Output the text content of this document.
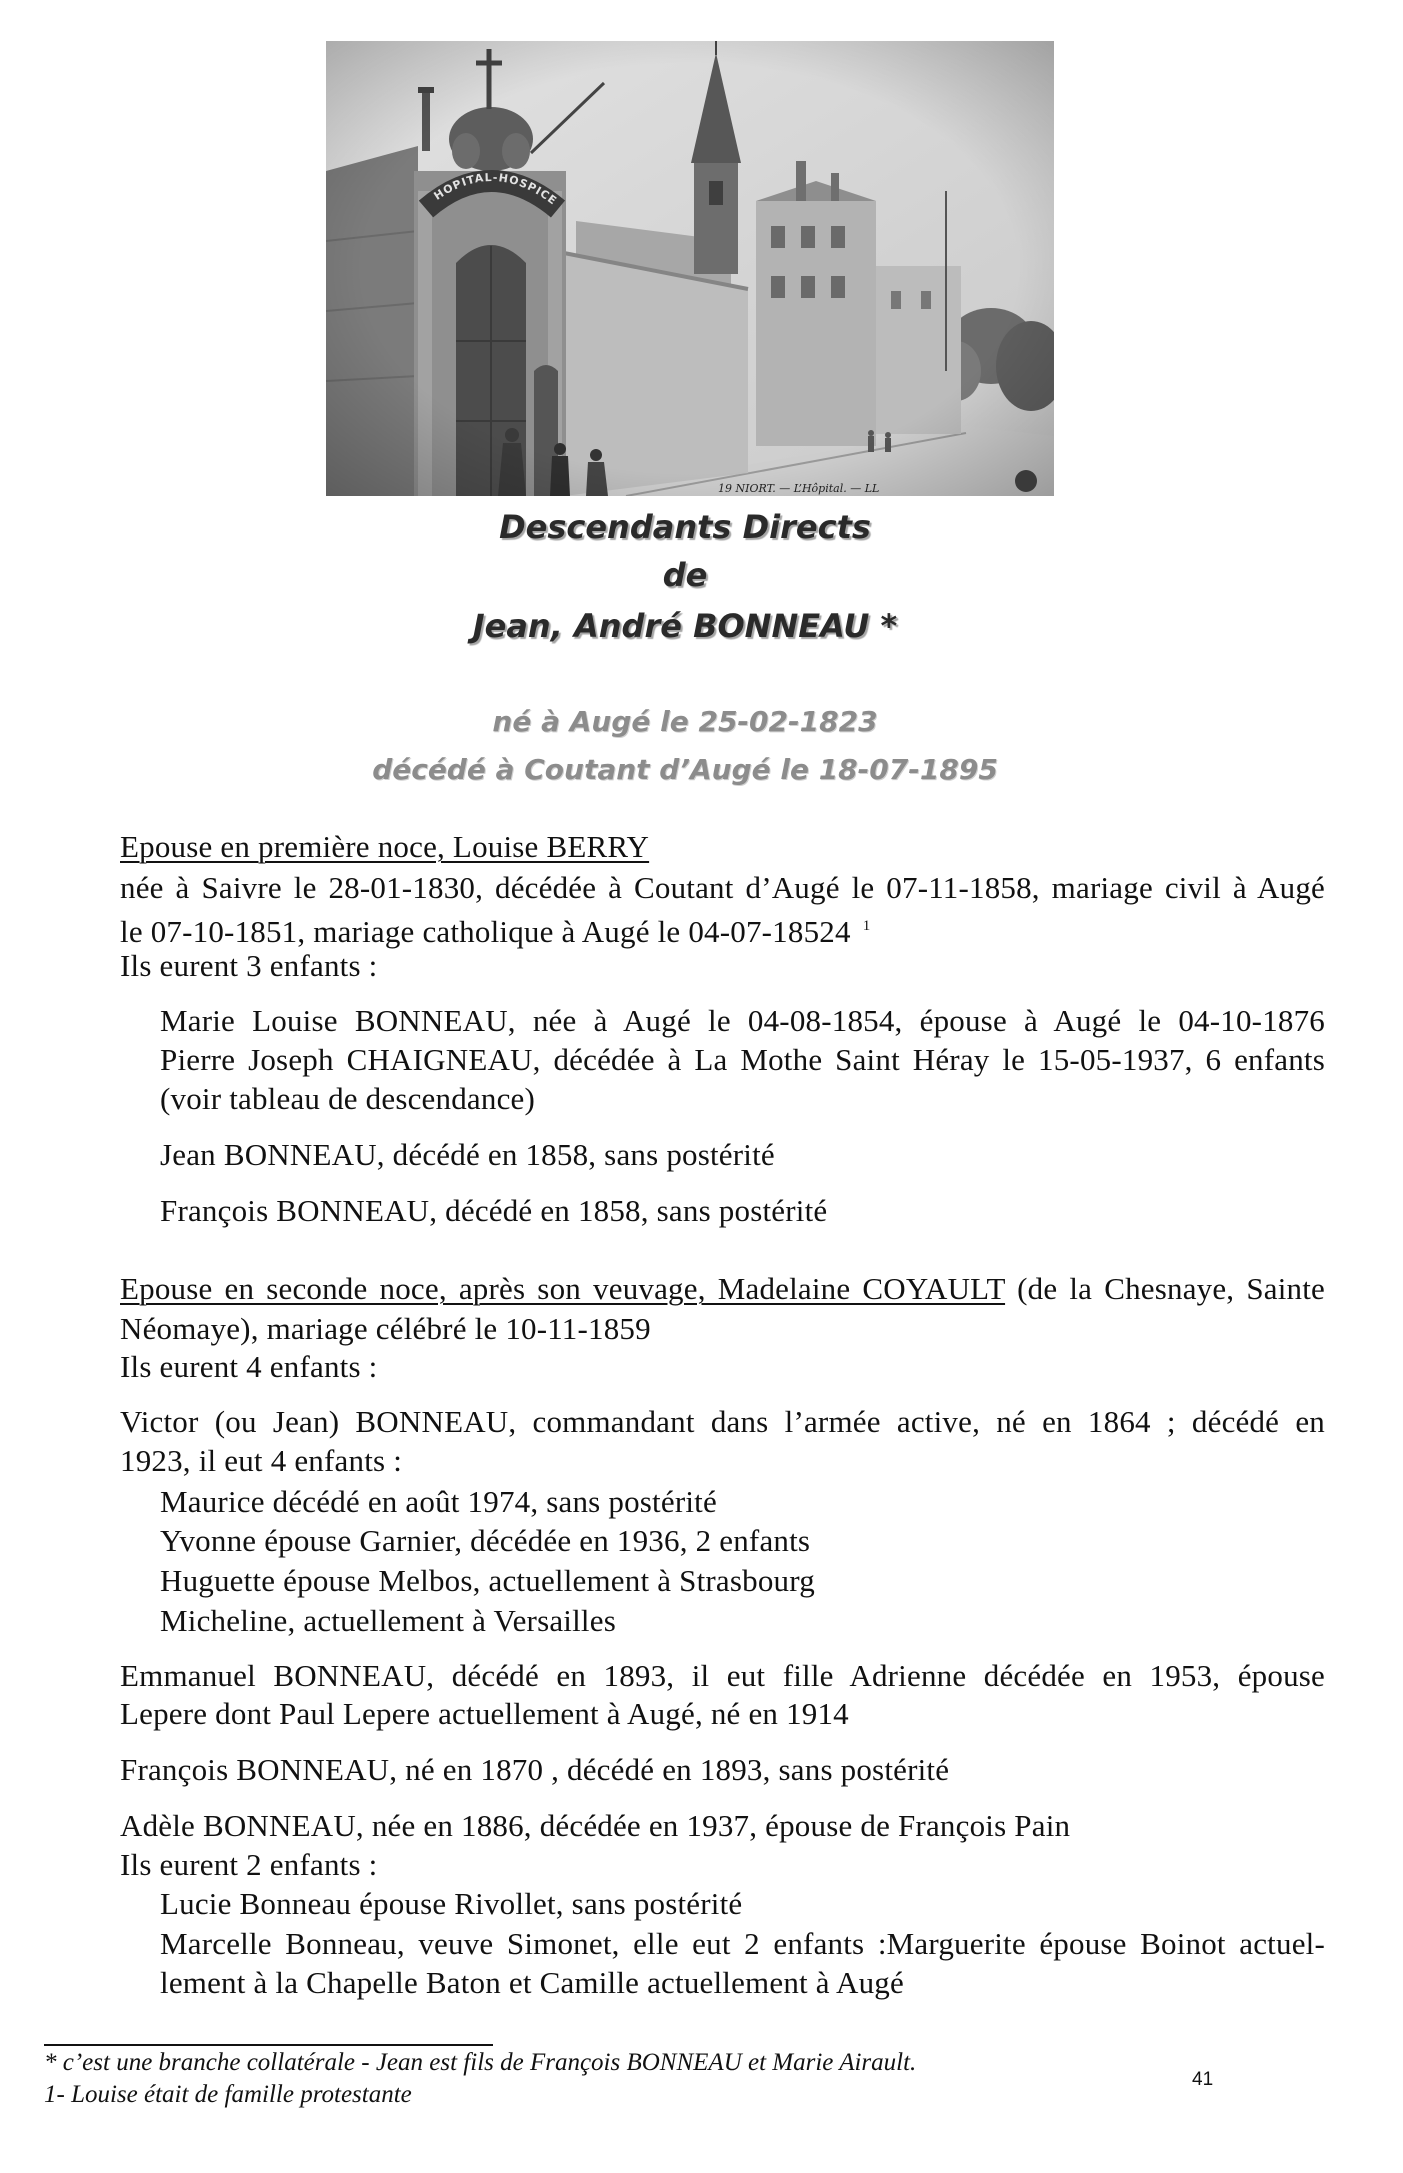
19 NIORT. — L’Hôpital. — LL
Descendants Directs
de
Jean, André BONNEAU *
né à Augé le 25-02-1823
décédé à Coutant d’Augé le 18-07-1895
Epouse en première noce, Louise BERRY
née à Saivre le 28-01-1830, décédée à Coutant d’Augé le 07-11-1858, mariage civil à Augé
le 07-10-1851, mariage catholique à Augé le 04-07-18524 $^1$
Ils eurent 3 enfants :
Marie Louise BONNEAU, née à Augé le 04-08-1854, épouse à Augé le 04-10-1876
Pierre Joseph CHAIGNEAU, décédée à La Mothe Saint Héray le 15-05-1937, 6 enfants
(voir tableau de descendance)
Jean BONNEAU, décédé en 1858, sans postérité
François BONNEAU, décédé en 1858, sans postérité
Epouse en seconde noce, après son veuvage, Madelaine COYAULT (de la Chesnaye, Sainte
Néomaye), mariage célébré le 10-11-1859
Ils eurent 4 enfants :
Victor (ou Jean) BONNEAU, commandant dans l’armée active, né en 1864 ; décédé en
1923, il eut 4 enfants :
Maurice décédé en août 1974, sans postérité
Yvonne épouse Garnier, décédée en 1936, 2 enfants
Huguette épouse Melbos, actuellement à Strasbourg
Micheline, actuellement à Versailles
Emmanuel BONNEAU, décédé en 1893, il eut fille Adrienne décédée en 1953, épouse
Lepere dont Paul Lepere actuellement à Augé, né en 1914
François BONNEAU, né en 1870 , décédé en 1893, sans postérité
Adèle BONNEAU, née en 1886, décédée en 1937, épouse de François Pain
Ils eurent 2 enfants :
Lucie Bonneau épouse Rivollet, sans postérité
Marcelle Bonneau, veuve Simonet, elle eut 2 enfants :Marguerite épouse Boinot actuel-
lement à la Chapelle Baton et Camille actuellement à Augé
* c’est une branche collatérale - Jean est fils de François BONNEAU et Marie Airault.
1- Louise était de famille protestante
41
